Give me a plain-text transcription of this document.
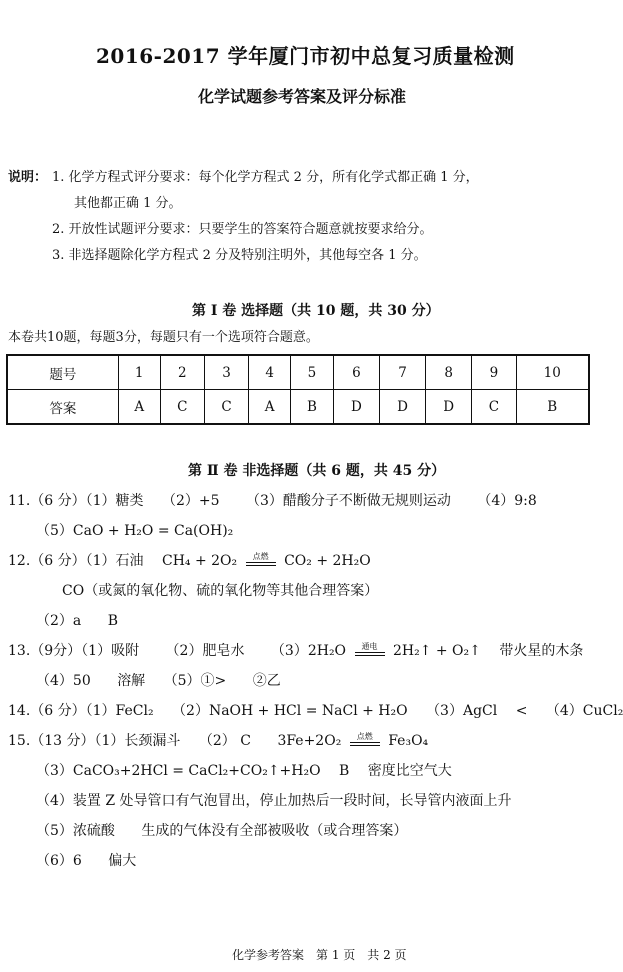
2016-2017 学年厦门市初中总复习质量检测
化学试题参考答案及评分标准
说明： 1. 化学方程式评分要求：每个化学方程式 2 分，所有化学式都正确 1 分，
其他都正确 1 分。
2. 开放性试题评分要求：只要学生的答案符合题意就按要求给分。
3. 非选择题除化学方程式 2 分及特别注明外，其他每空各 1 分。
第 Ⅰ 卷 选择题（共 10 题，共 30 分）
本卷共10题，每题3分，每题只有一个选项符合题意。
题号	1	2	3	4	5	6	7	8	9	10
答案	A	C	C	A	B	D	D	D	C	B
第 Ⅱ 卷 非选择题（共 6 题，共 45 分）
11.（6 分）（1）糖类 （2）+5 （3）醋酸分子不断做无规则运动 （4）9:8
（5）CaO + H₂O = Ca(OH)₂
12.（6 分）（1）石油 CH₄ + 2O₂	点燃	CO₂ + 2H₂O
CO（或氮的氧化物、硫的氧化物等其他合理答案）
（2）a B
13.（9分）（1）吸附 （2）肥皂水 （3）2H₂O	通电	2H₂↑ + O₂↑ 带火星的木条
（4）50 溶解 （5）①> ②乙
14.（6 分）（1）FeCl₂ （2）NaOH + HCl = NaCl + H₂O （3）AgCl < （4）CuCl₂
15.（13 分）（1）长颈漏斗 （2） C 3Fe+2O₂	点燃	Fe₃O₄
（3）CaCO₃+2HCl = CaCl₂+CO₂↑+H₂O B 密度比空气大
（4）装置 Z 处导管口有气泡冒出，停止加热后一段时间，长导管内液面上升
（5）浓硫酸 生成的气体没有全部被吸收（或合理答案）
（6）6 偏大
化学参考答案　第 1 页　共 2 页
